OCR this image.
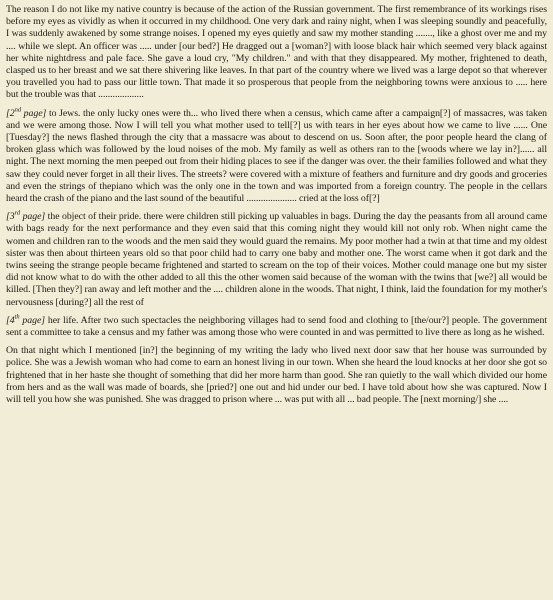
The reason I do not like my native country is because of the action of the Russian government. The first remembrance of its workings rises before my eyes as vividly as when it occurred in my childhood. One very dark and rainy night, when I was sleeping soundly and peacefully, I was suddenly awakened by some strange noises. I opened my eyes quietly and saw my mother standing ......., like a ghost over me and my .... while we slept. An officer was ..... under [our bed?] He dragged out a [woman?] with loose black hair which seemed very black against her white nightdress and pale face. She gave a loud cry, "My children." and with that they disappeared. My mother, frightened to death, clasped us to her breast and we sat there shivering like leaves. In that part of the country where we lived was a large depot so that wherever you travelled you had to pass our little town. That made it so prosperous that people from the neighboring towns were anxious to ..... here but the trouble was that ...................

[2nd page] to Jews. the only lucky ones were th... who lived there when a census, which came after a campaign[?] of massacres, was taken and we were among those. Now I will tell you what mother used to tell[?] us with tears in her eyes about how we came to live ...... One [Tuesday?] the news flashed through the city that a massacre was about to descend on us. Soon after, the poor people heard the clang of broken glass which was followed by the loud noises of the mob. My family as well as others ran to the [woods where we lay in?]...... all night. The next morning the men peeped out from their hiding places to see if the danger was over. the their families followed and what they saw they could never forget in all their lives. The streets? were covered with a mixture of feathers and furniture and dry goods and groceries and even the strings of thepiano which was the only one in the town and was imported from a foreign country. The people in the cellars heard the crash of the piano and the last sound of the beautiful ..................... cried at the loss of[?]

[3rd page] the object of their pride. there were children still picking up valuables in bags. During the day the peasants from all around came with bags ready for the next performance and they even said that this coming night they would kill not only rob. When night came the women and children ran to the woods and the men said they would guard the remains. My poor mother had a twin at that time and my oldest sister was then about thirteen years old so that poor child had to carry one baby and mother one. The worst came when it got dark and the twins seeing the strange people became frightened and started to scream on the top of their voices. Mother could manage one but my sister did not know what to do with the other added to all this the other women said because of the woman with the twins that [we?] all would be killed. [Then they?] ran away and left mother and the .... children alone in the woods. That night, I think, laid the foundation for my mother's nervousness [during?] all the rest of

[4th page] her life. After two such spectacles the neighboring villages had to send food and clothing to [the/our?] people. The government sent a committee to take a census and my father was among those who were counted in and was permitted to live there as long as he wished.

On that night which I mentioned [in?] the beginning of my writing the lady who lived next door saw that her house was surrounded by police. She was a Jewish woman who had come to earn an honest living in our town. When she heard the loud knocks at her door she got so frightened that in her haste she thought of something that did her more harm than good. She ran quietly to the wall which divided our home from hers and as the wall was made of boards, she [pried?] one out and hid under our bed. I have told about how she was captured. Now I will tell you how she was punished. She was dragged to prison where ... was put with all ... bad people. The [next morning/] she ....
